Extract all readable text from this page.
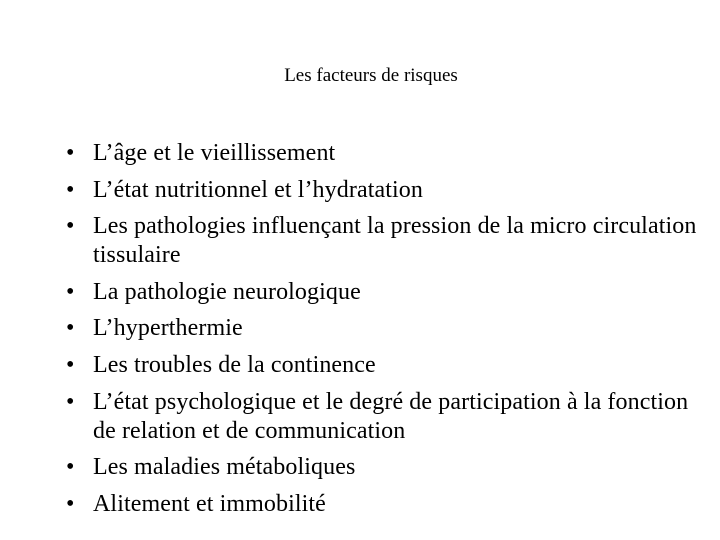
Les facteurs de risques
• L’âge et le vieillissement
• L’état nutritionnel et l’hydratation
• Les pathologies influençant la pression de la micro circulation tissulaire
• La pathologie neurologique
• L’hyperthermie
• Les troubles de la continence
• L’état psychologique et le degré de participation à la fonction de relation et de communication
• Les maladies métaboliques
• Alitement et immobilité
